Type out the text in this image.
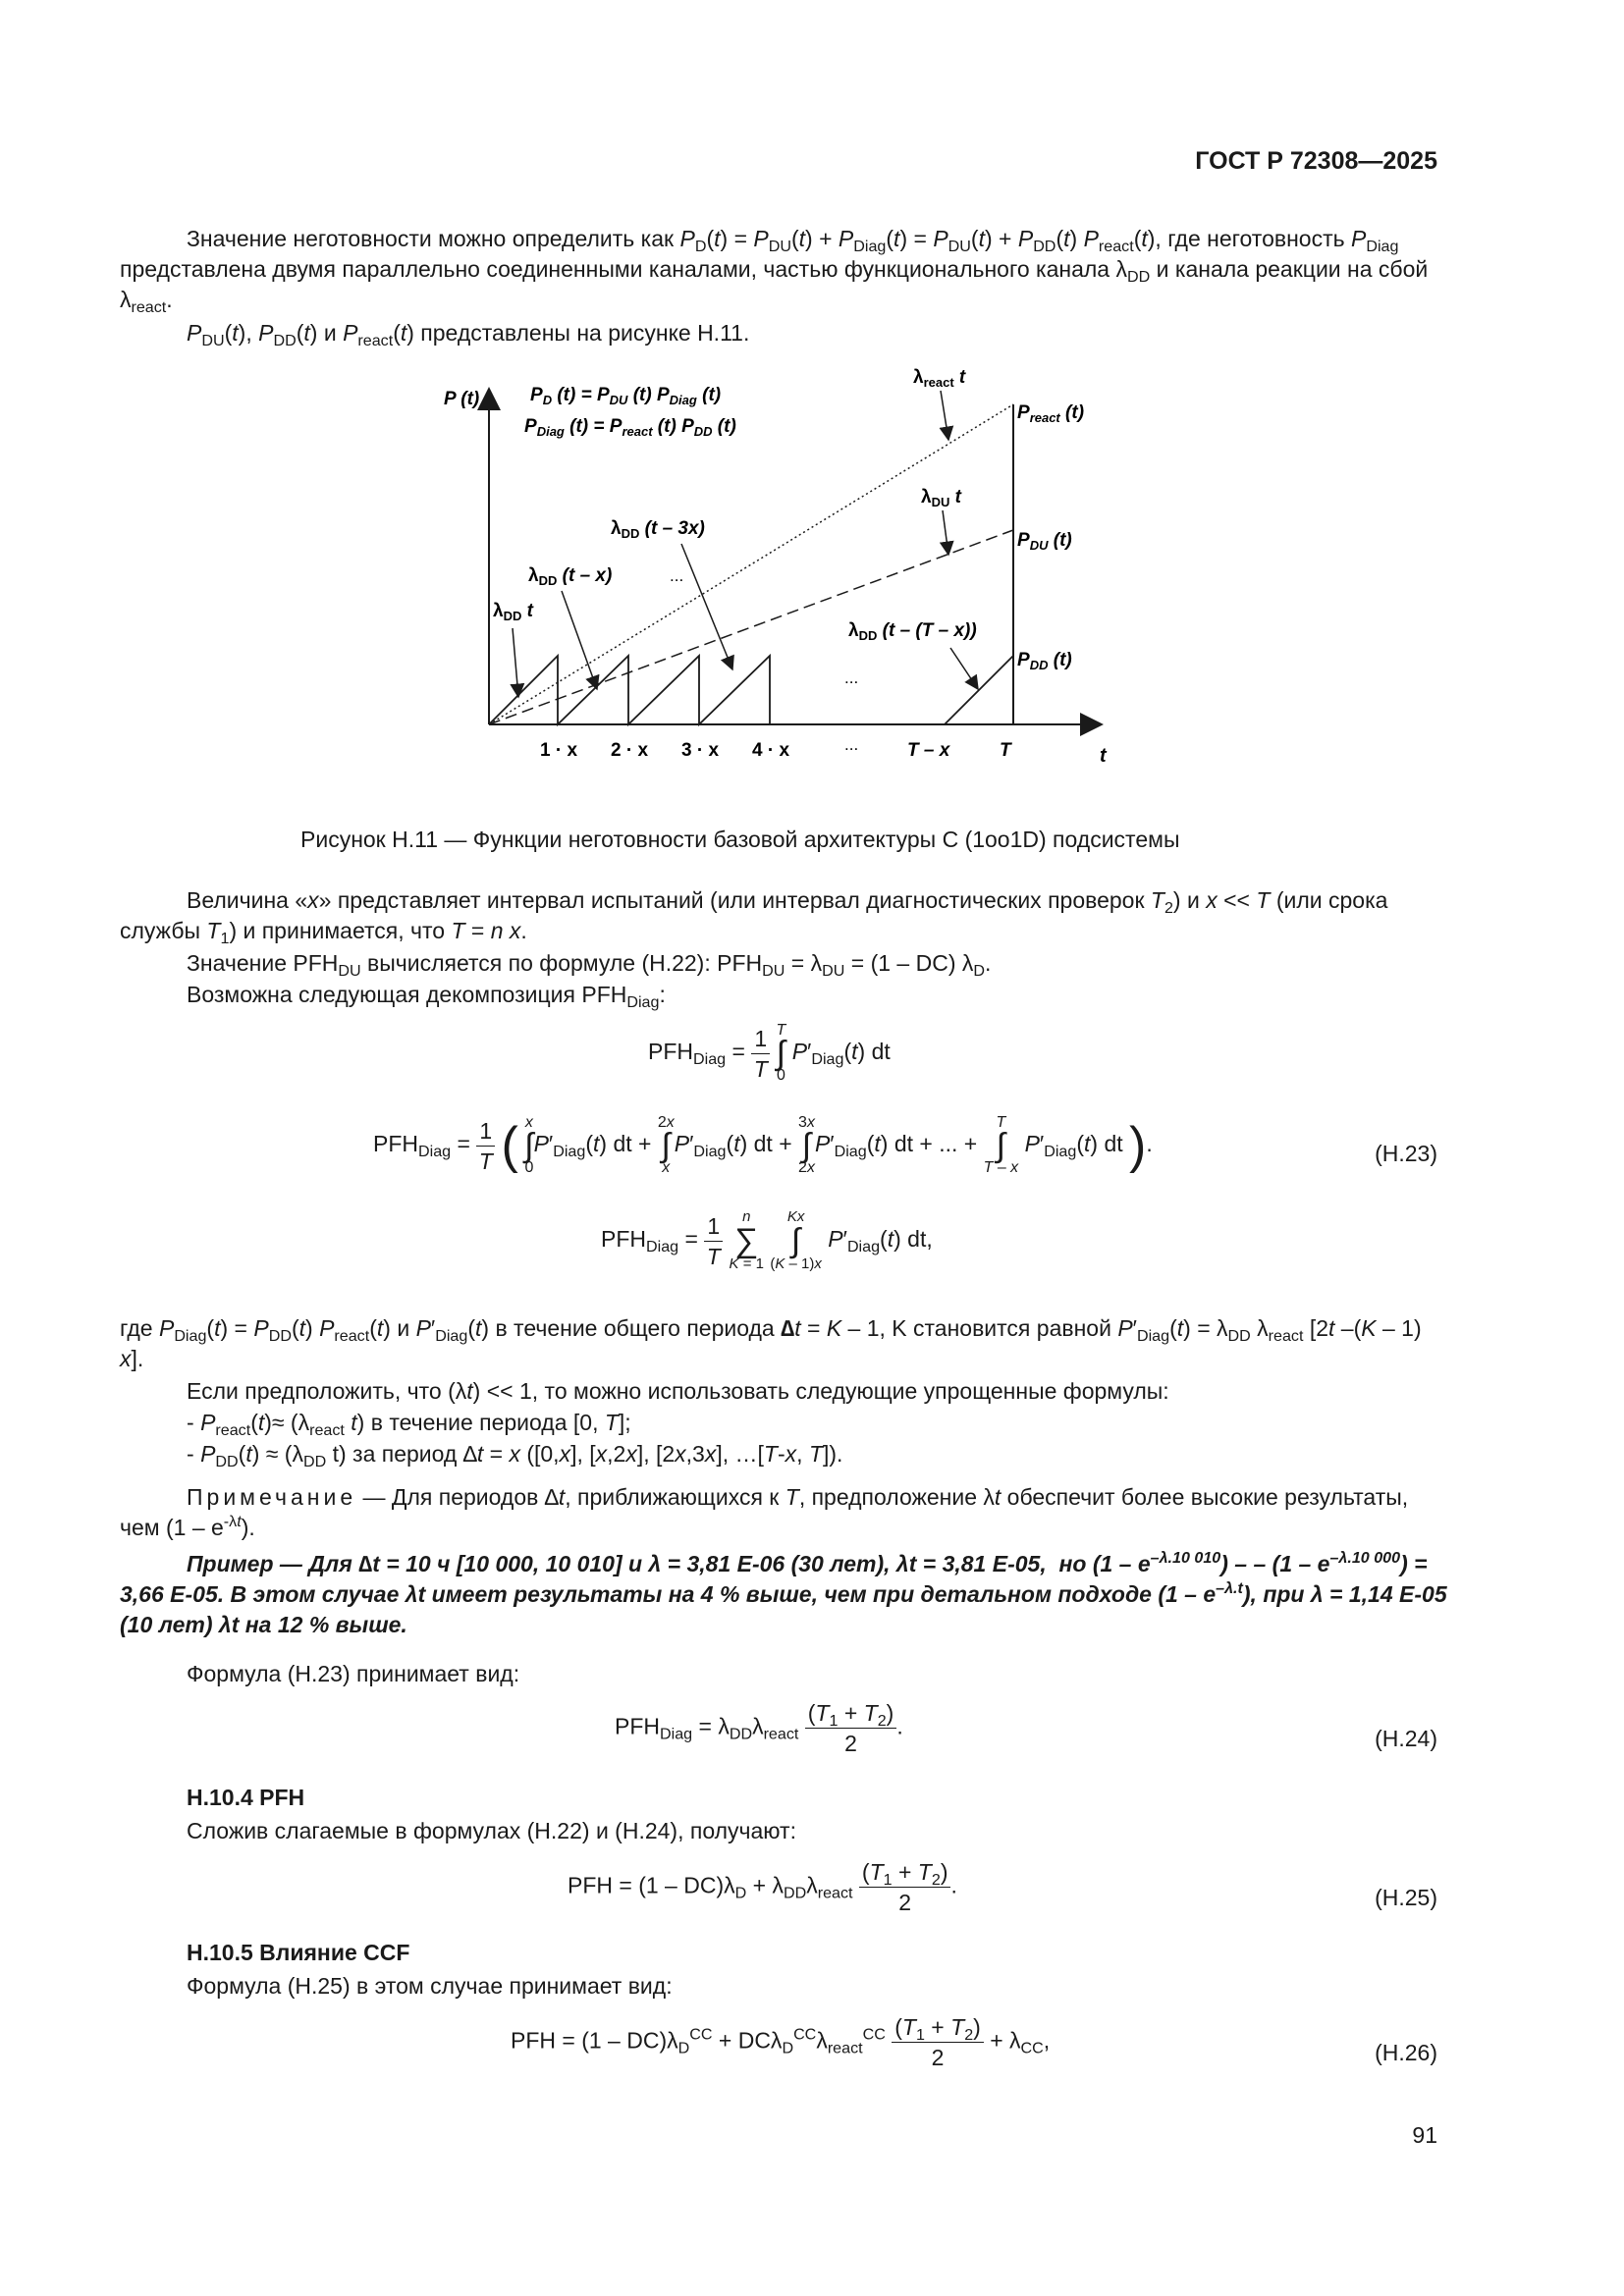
ГОСТ Р 72308—2025
Значение неготовности можно определить как $P_D(t) = P_{DU}(t) + P_{Diag}(t) = P_{DU}(t) + P_{DD}(t)$ $P_{react}(t)$, где неготовность $P_{Diag}$ представлена двумя параллельно соединенными каналами, частью функционального канала $\lambda_{DD}$ и канала реакции на сбой $\lambda_{react}$.
$P_{DU}(t)$, $P_{DD}(t)$ и $P_{react}(t)$ представлены на рисунке Н.11.
P (t)
t
$P_D$ $(t) = P_{DU}$ (t) $P_{Diag}$ (t)
$P_{Diag}$ $(t) = P_{react}$ (t) $P_{DD}$ (t)
$\lambda_{react}$ t
$P_{react}$ (t)
$\lambda_{DU}$ t
$P_{DU}$ (t)
$\lambda_{DD}$ (t – 3x)
$\lambda_{DD}$ (t – x)
$\lambda_{DD}$ t
...
$\lambda_{DD}$ (t – (T – x))
$P_{DD}$ (t)
...
1 · x 2 · x 3 · x 4 · x	...	T – x	T
Рисунок Н.11 — Функции неготовности базовой архитектуры С (1oo1D) подсистемы
Величина «x» представляет интервал испытаний (или интервал диагностических проверок $T_2$) и x << T (или срока службы $T_1$) и принимается, что T = n x.
Значение $PFH_{DU}$ вычисляется по формуле (Н.22): $PFH_{DU} = \lambda_{DU} = (1 - DC)$ $\lambda_D$.
Возможна следующая декомпозиция $PFH_{Diag}$:
$PFH_{Diag} = \frac{1}{T}$ T
∫
0 $P'_{Diag}(t)$ dt
$PFH_{Diag} = \frac{1}{T}$ ( x
∫
$0P'_{Diag}(t)$ dt + 2x
∫
$xP'_{Diag}(t)$ dt + 3x
∫
$2xP'_{Diag}(t)$ dt + ... + T
∫
T – x $P'_{Diag}(t)$ dt ).	(Н.23)
$PFH_{Diag} = \frac{1}{T}$ n
∑
K = 1 Kx
∫
(K – 1)x $P'_{Diag}(t)$ dt,
где $P_{Diag}(t) = P_{DD}(t)$ $P_{react}(t)$ и $P'_{Diag}(t)$ в течение общего периода ∆t = K – 1, K становится равной $P'_{Diag}(t) = \lambda_{DD}$ $\lambda_{react}$ [2t –(K – 1) x].
Если предположить, что (λt) << 1, то можно использовать следующие упрощенные формулы:
- $P_{react}(t)\approx (\lambda_{react}$ t) в течение периода [0, T];
- $P_{DD}(t) \approx (\lambda_{DD}$ t) за период ∆t = x ([0,x], [x,2x], [2x,3x], …[T-x, T]).
Примечание — Для периодов ∆t, приближающихся к T, предположение λt обеспечит более высокие результаты, чем $(1 - e^{-\lambda t})$.
Пример — Для ∆t = 10 ч [10 000, 10 010] и λ = 3,81 E-06 (30 лет), λt = 3,81 E-05,  но $(1 - e^{-\lambda.10 010})$ – – $(1 - e^{-\lambda.10 000}) = 3,66$ E-05. В этом случае λt имеет результаты на 4 % выше, чем при детальном подходе $(1 - e^{-\lambda.t})$, при λ = 1,14 E-05 (10 лет) λt на 12 % выше.
Формула (Н.23) принимает вид:
$PFH_{Diag} = \lambda_{DD}\lambda_{react} \frac{(T_1 + T_2)}{2}$ .	(Н.24)
Н.10.4 PFH
Сложив слагаемые в формулах (Н.22) и (Н.24), получают:
PFH = $(1 - DC)\lambda_D + \lambda_{DD}\lambda_{react} \frac{(T_1 + T_2)}{2}$ .	(Н.25)
Н.10.5 Влияние CCF
Формула (Н.25) в этом случае принимает вид:
PFH = $(1 - DC)\lambda_D^{CC} + DC\lambda_D^{CC}\lambda_{react}^{CC} \frac{(T_1 + T_2)}{2} + \lambda_{CC}$,	(Н.26)
91
